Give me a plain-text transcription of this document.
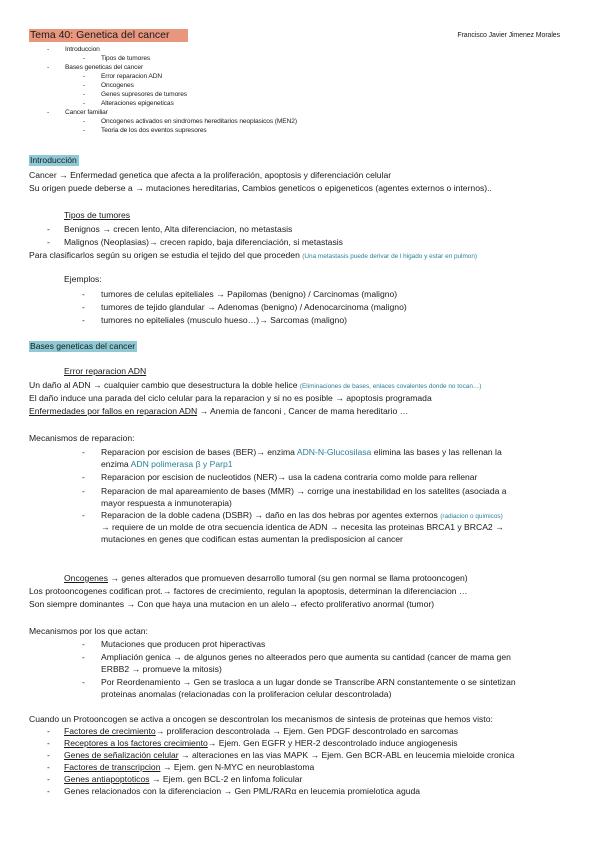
Tema 40: Genetica del cancer	Francisco Javier Jimenez Morales
- Introduccion
- Tipos de tumores
- Bases geneticas del cancer
- Error reparacion ADN
- Oncogenes
- Genes supresores de tumores
- Alteraciones epigeneticas
- Cancer familiar
- Oncogenes activados en sindromes hereditarios neoplasicos (MEN2)
- Teoria de los dos eventos supresores
Introducción
Cancer → Enfermedad genetica que afecta a la proliferación, apoptosis y diferenciación celular
Su origen puede deberse a → mutaciones hereditarias, Cambios geneticos o epigeneticos (agentes externos o internos)..
Tipos de tumores
- Benignos → crecen lento, Alta diferenciacion, no metastasis
- Malignos (Neoplasias)→ crecen rapido, baja diferenciación, si metastasis
Para clasificarlos según su origen se estudia el tejido del que proceden (Una metastasis puede derivar de l higado y estar en pulmon)
Ejemplos:
- tumores de celulas epiteliales → Papilomas (benigno) / Carcinomas (maligno)
- tumores de tejido glandular → Adenomas (benigno) / Adenocarcinoma (maligno)
- tumores no epiteliales (musculo hueso…)→ Sarcomas (maligno)
Bases geneticas del cancer
Error reparacion ADN
Un daño al ADN → cualquier cambio que desestructura la doble helice (Eliminaciones de bases, enlaces covalentes donde no tocan…)
El daño induce una parada del ciclo celular para la reparacion y si no es posible → apoptosis programada
Enfermedades por fallos en reparacion ADN → Anemia de fanconi , Cancer de mama hereditario …
Mecanismos de reparacion:
- Reparacion por escision de bases (BER)→ enzima ADN-N-Glucosilasa elimina las bases y las rellenan la
enzima ADN polimerasa β y Parp1
- Reparacion por escision de nucleotidos (NER)→ usa la cadena contraria como molde para rellenar
- Reparacion de mal apareamiento de bases (MMR) → corrige una inestabilidad en los satelites (asociada a
mayor respuesta a inmunoterapia)
- Reparacion de la doble cadena (DSBR) → daño en las dos hebras por agentes externos (radiacion o quimicos)
→ requiere de un molde de otra secuencia identica de ADN → necesita las proteinas BRCA1 y BRCA2 →
mutaciones en genes que codifican estas aumentan la predisposicion al cancer
Oncogenes → genes alterados que promueven desarrollo tumoral (su gen normal se llama protooncogen)
Los protooncogenes codifican prot.→ factores de crecimiento, regulan la apoptosis, determinan la diferenciacion …
Son siempre dominantes → Con que haya una mutacion en un alelo→ efecto proliferativo anormal (tumor)
Mecanismos por los que actan:
- Mutaciones que producen prot hiperactivas
- Ampliación genica → de algunos genes no alteerados pero que aumenta su cantidad (cancer de mama gen
ERBB2 → promueve la mitosis)
- Por Reordenamiento → Gen se trasloca a un lugar donde se Transcribe ARN constantemente o se sintetizan
proteinas anomalas (relacionadas con la proliferacion celular descontrolada)
Cuando un Protooncogen se activa a oncogen se descontrolan los mecanismos de sintesis de proteinas que hemos visto:
- Factores de crecimiento→ proliferacion descontrolada → Ejem. Gen PDGF descontrolado en sarcomas
- Receptores a los factores crecimiento→ Ejem. Gen EGFR y HER-2 descontrolado induce angiogenesis
- Genes de señalización celular → alteraciones en las vias MAPK → Ejem. Gen BCR-ABL en leucemia mieloide cronica
- Factores de transcripcion → Ejem. gen N-MYC en neuroblastoma
- Genes antiapoptoticos → Ejem. gen BCL-2 en linfoma folicular
- Genes relacionados con la diferenciacion → Gen PML/RARα en leucemia promielotica aguda
